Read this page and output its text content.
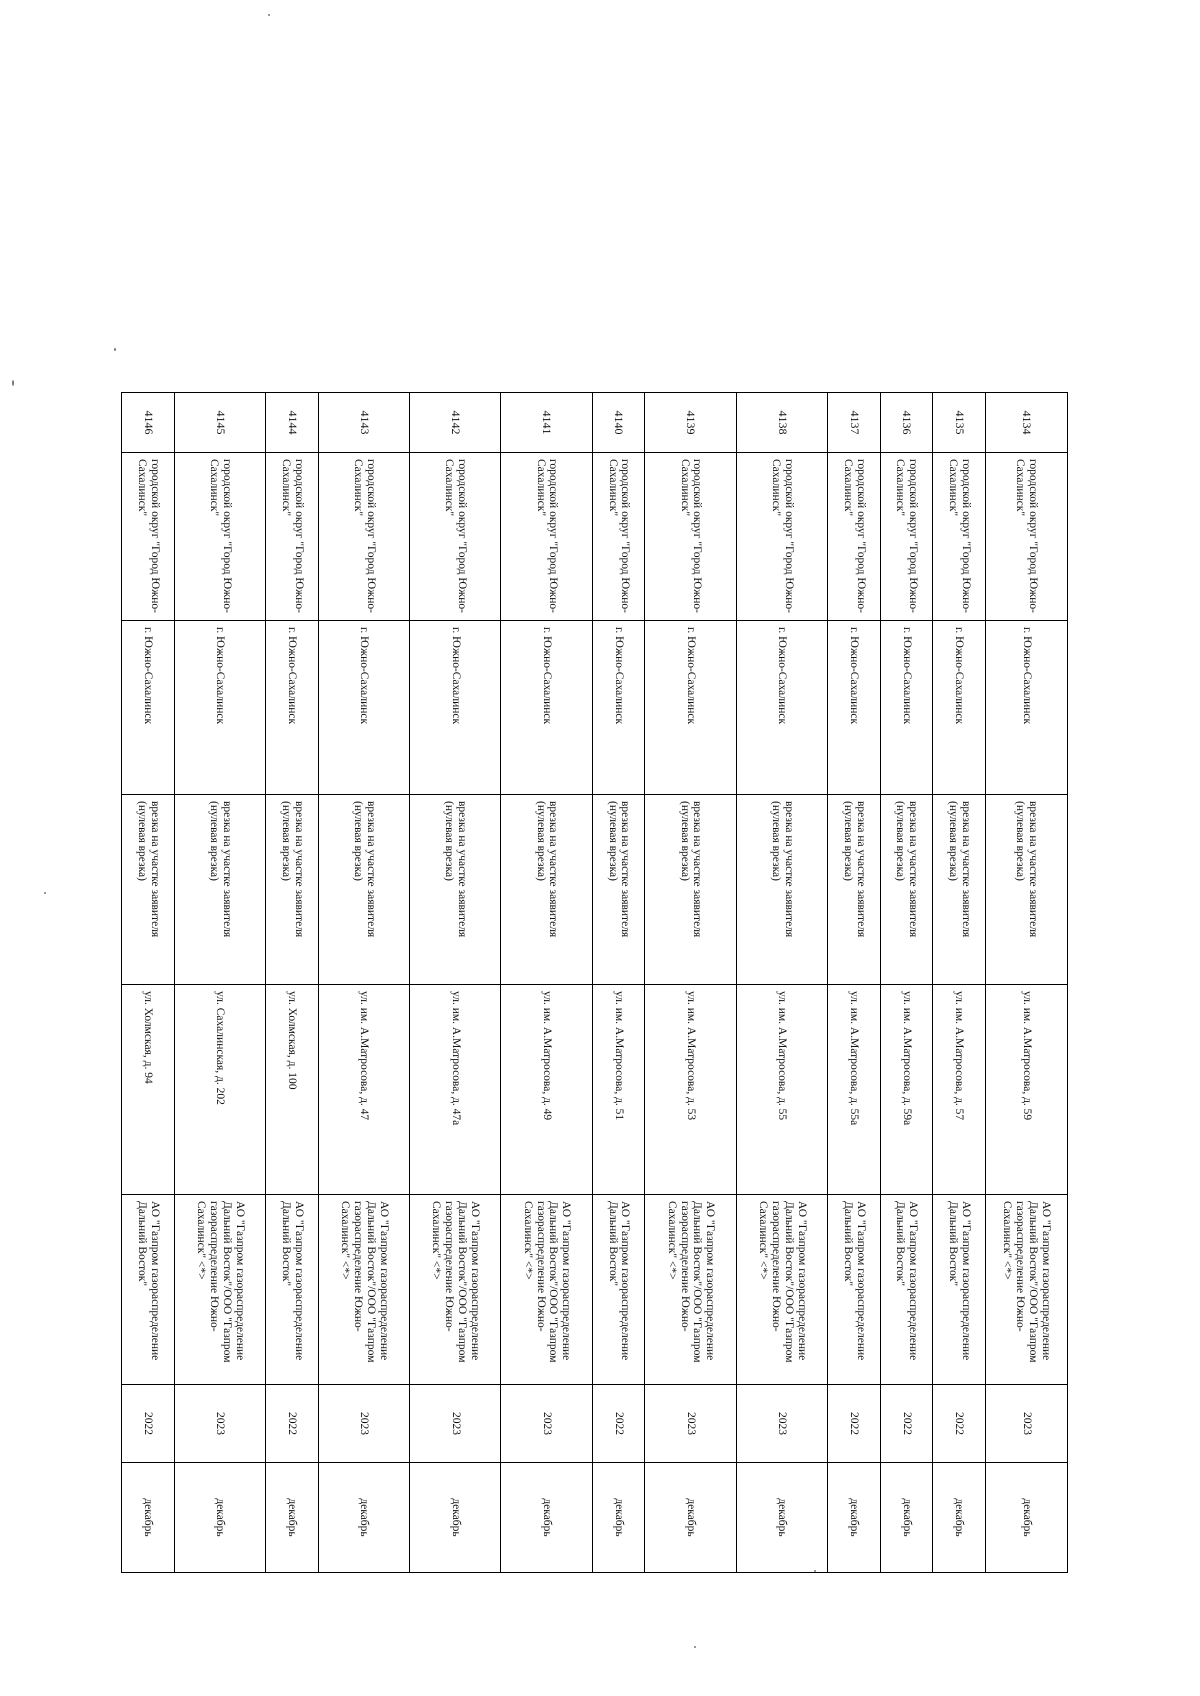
4134	городской округ "Город Южно-Сахалинск"	г. Южно-Сахалинск	врезка на участке заявителя (нулевая врезка)	ул. им. А.Матросова, д. 59	АО "Газпром газораспределение Дальний Восток"/ООО "Газпром газораспределение Южно-Сахалинск" <*>	2023	декабрь
4135	городской округ "Город Южно-Сахалинск"	г. Южно-Сахалинск	врезка на участке заявителя (нулевая врезка)	ул. им. А.Матросова, д. 57	АО "Газпром газораспределение Дальний Восток"	2022	декабрь
4136	городской округ "Город Южно-Сахалинск"	г. Южно-Сахалинск	врезка на участке заявителя (нулевая врезка)	ул. им. А.Матросова, д. 59а	АО "Газпром газораспределение Дальний Восток"	2022	декабрь
4137	городской округ "Город Южно-Сахалинск"	г. Южно-Сахалинск	врезка на участке заявителя (нулевая врезка)	ул. им. А.Матросова, д. 55а	АО "Газпром газораспределение Дальний Восток"	2022	декабрь
4138	городской округ "Город Южно-Сахалинск"	г. Южно-Сахалинск	врезка на участке заявителя (нулевая врезка)	ул. им. А.Матросова, д. 55	АО "Газпром газораспределение Дальний Восток"/ООО "Газпром газораспределение Южно-Сахалинск" <*>	2023	декабрь
4139	городской округ "Город Южно-Сахалинск"	г. Южно-Сахалинск	врезка на участке заявителя (нулевая врезка)	ул. им. А.Матросова, д. 53	АО "Газпром газораспределение Дальний Восток"/ООО "Газпром газораспределение Южно-Сахалинск" <*>	2023	декабрь
4140	городской округ "Город Южно-Сахалинск"	г. Южно-Сахалинск	врезка на участке заявителя (нулевая врезка)	ул. им. А.Матросова, д. 51	АО "Газпром газораспределение Дальний Восток"	2022	декабрь
4141	городской округ "Город Южно-Сахалинск"	г. Южно-Сахалинск	врезка на участке заявителя (нулевая врезка)	ул. им. А.Матросова, д. 49	АО "Газпром газораспределение Дальний Восток"/ООО "Газпром газораспределение Южно-Сахалинск" <*>	2023	декабрь
4142	городской округ "Город Южно-Сахалинск"	г. Южно-Сахалинск	врезка на участке заявителя (нулевая врезка)	ул. им. А.Матросова, д. 47а	АО "Газпром газораспределение Дальний Восток"/ООО "Газпром газораспределение Южно-Сахалинск" <*>	2023	декабрь
4143	городской округ "Город Южно-Сахалинск"	г. Южно-Сахалинск	врезка на участке заявителя (нулевая врезка)	ул. им. А.Матросова, д. 47	АО "Газпром газораспределение Дальний Восток"/ООО "Газпром газораспределение Южно-Сахалинск" <*>	2023	декабрь
4144	городской округ "Город Южно-Сахалинск"	г. Южно-Сахалинск	врезка на участке заявителя (нулевая врезка)	ул. Холмская, д. 100	АО "Газпром газораспределение Дальний Восток"	2022	декабрь
4145	городской округ "Город Южно-Сахалинск"	г. Южно-Сахалинск	врезка на участке заявителя (нулевая врезка)	ул. Сахалинская, д. 202	АО "Газпром газораспределение Дальний Восток"/ООО "Газпром газораспределение Южно-Сахалинск" <*>	2023	декабрь
4146	городской округ "Город Южно-Сахалинск"	г. Южно-Сахалинск	врезка на участке заявителя (нулевая врезка)	ул. Холмская, д. 94	АО "Газпром газораспределение Дальний Восток"	2022	декабрь
